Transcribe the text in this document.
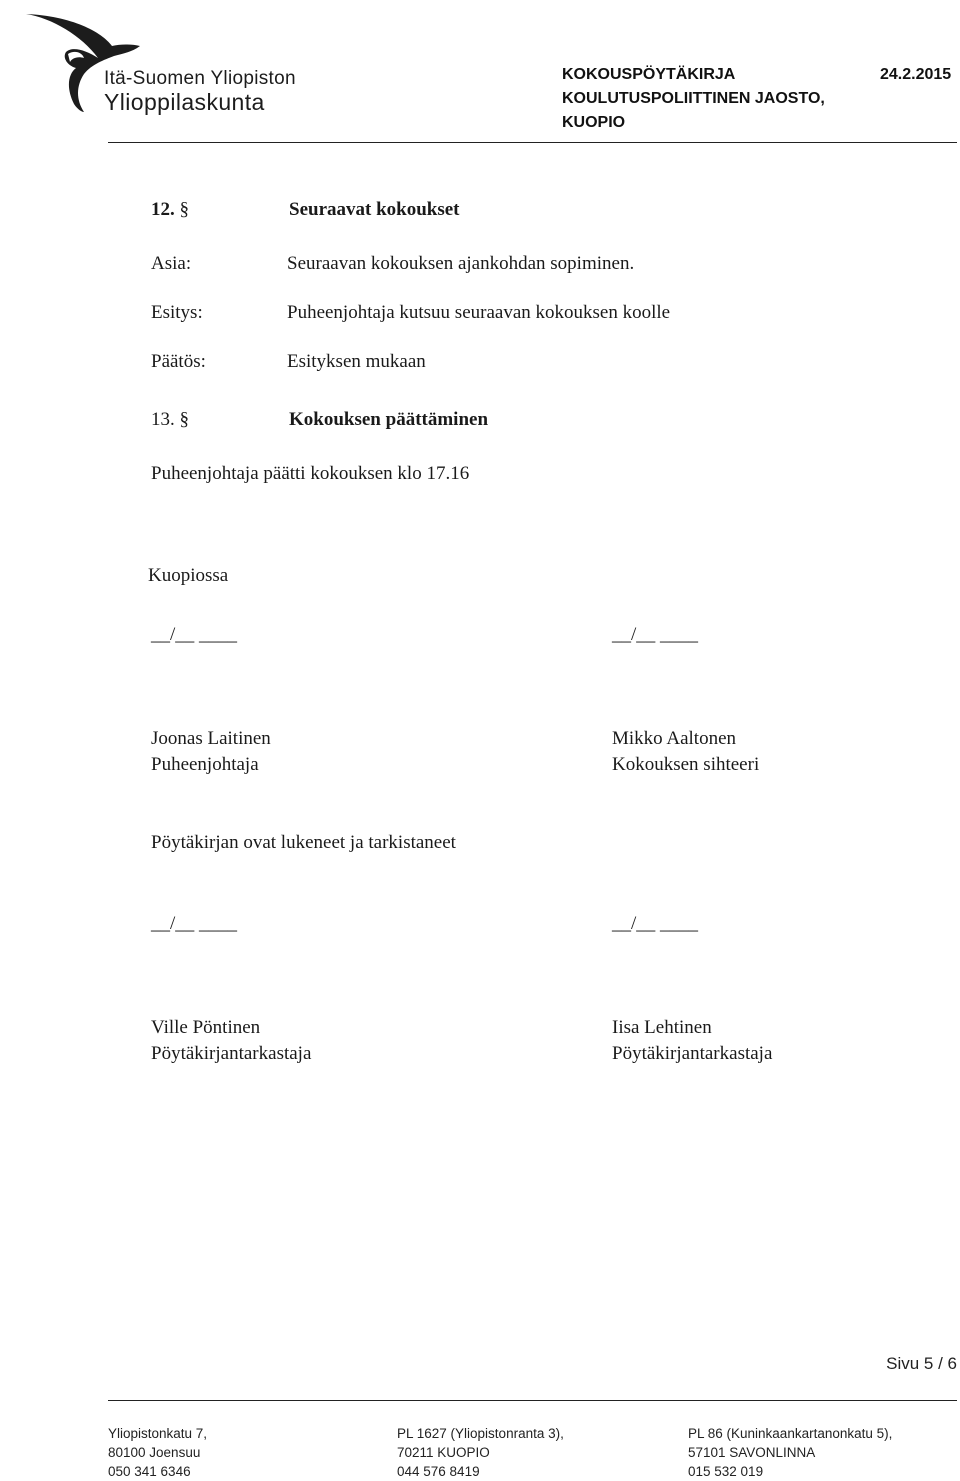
Itä-Suomen Yliopiston
Ylioppilaskunta
KOKOUSPÖYTÄKIRJA	24.2.2015
KOULUTUSPOLIITTINEN JAOSTO,
KUOPIO
12. §	Seuraavat kokoukset
Asia:	Seuraavan kokouksen ajankohdan sopiminen.
Esitys:	Puheenjohtaja kutsuu seuraavan kokouksen koolle
Päätös:	Esityksen mukaan
13. §	Kokouksen päättäminen
Puheenjohtaja päätti kokouksen klo 17.16
Kuopiossa
__/__ ____	__/__ ____
Joonas Laitinen
Puheenjohtaja
Mikko Aaltonen
Kokouksen sihteeri
Pöytäkirjan ovat lukeneet ja tarkistaneet
__/__ ____	__/__ ____
Ville Pöntinen
Pöytäkirjantarkastaja
Iisa Lehtinen
Pöytäkirjantarkastaja
Sivu 5 / 6
Yliopistonkatu 7,
80100 Joensuu
050 341 6346
PL 1627 (Yliopistonranta 3),
70211 KUOPIO
044 576 8419
PL 86 (Kuninkaankartanonkatu 5),
57101 SAVONLINNA
015 532 019
